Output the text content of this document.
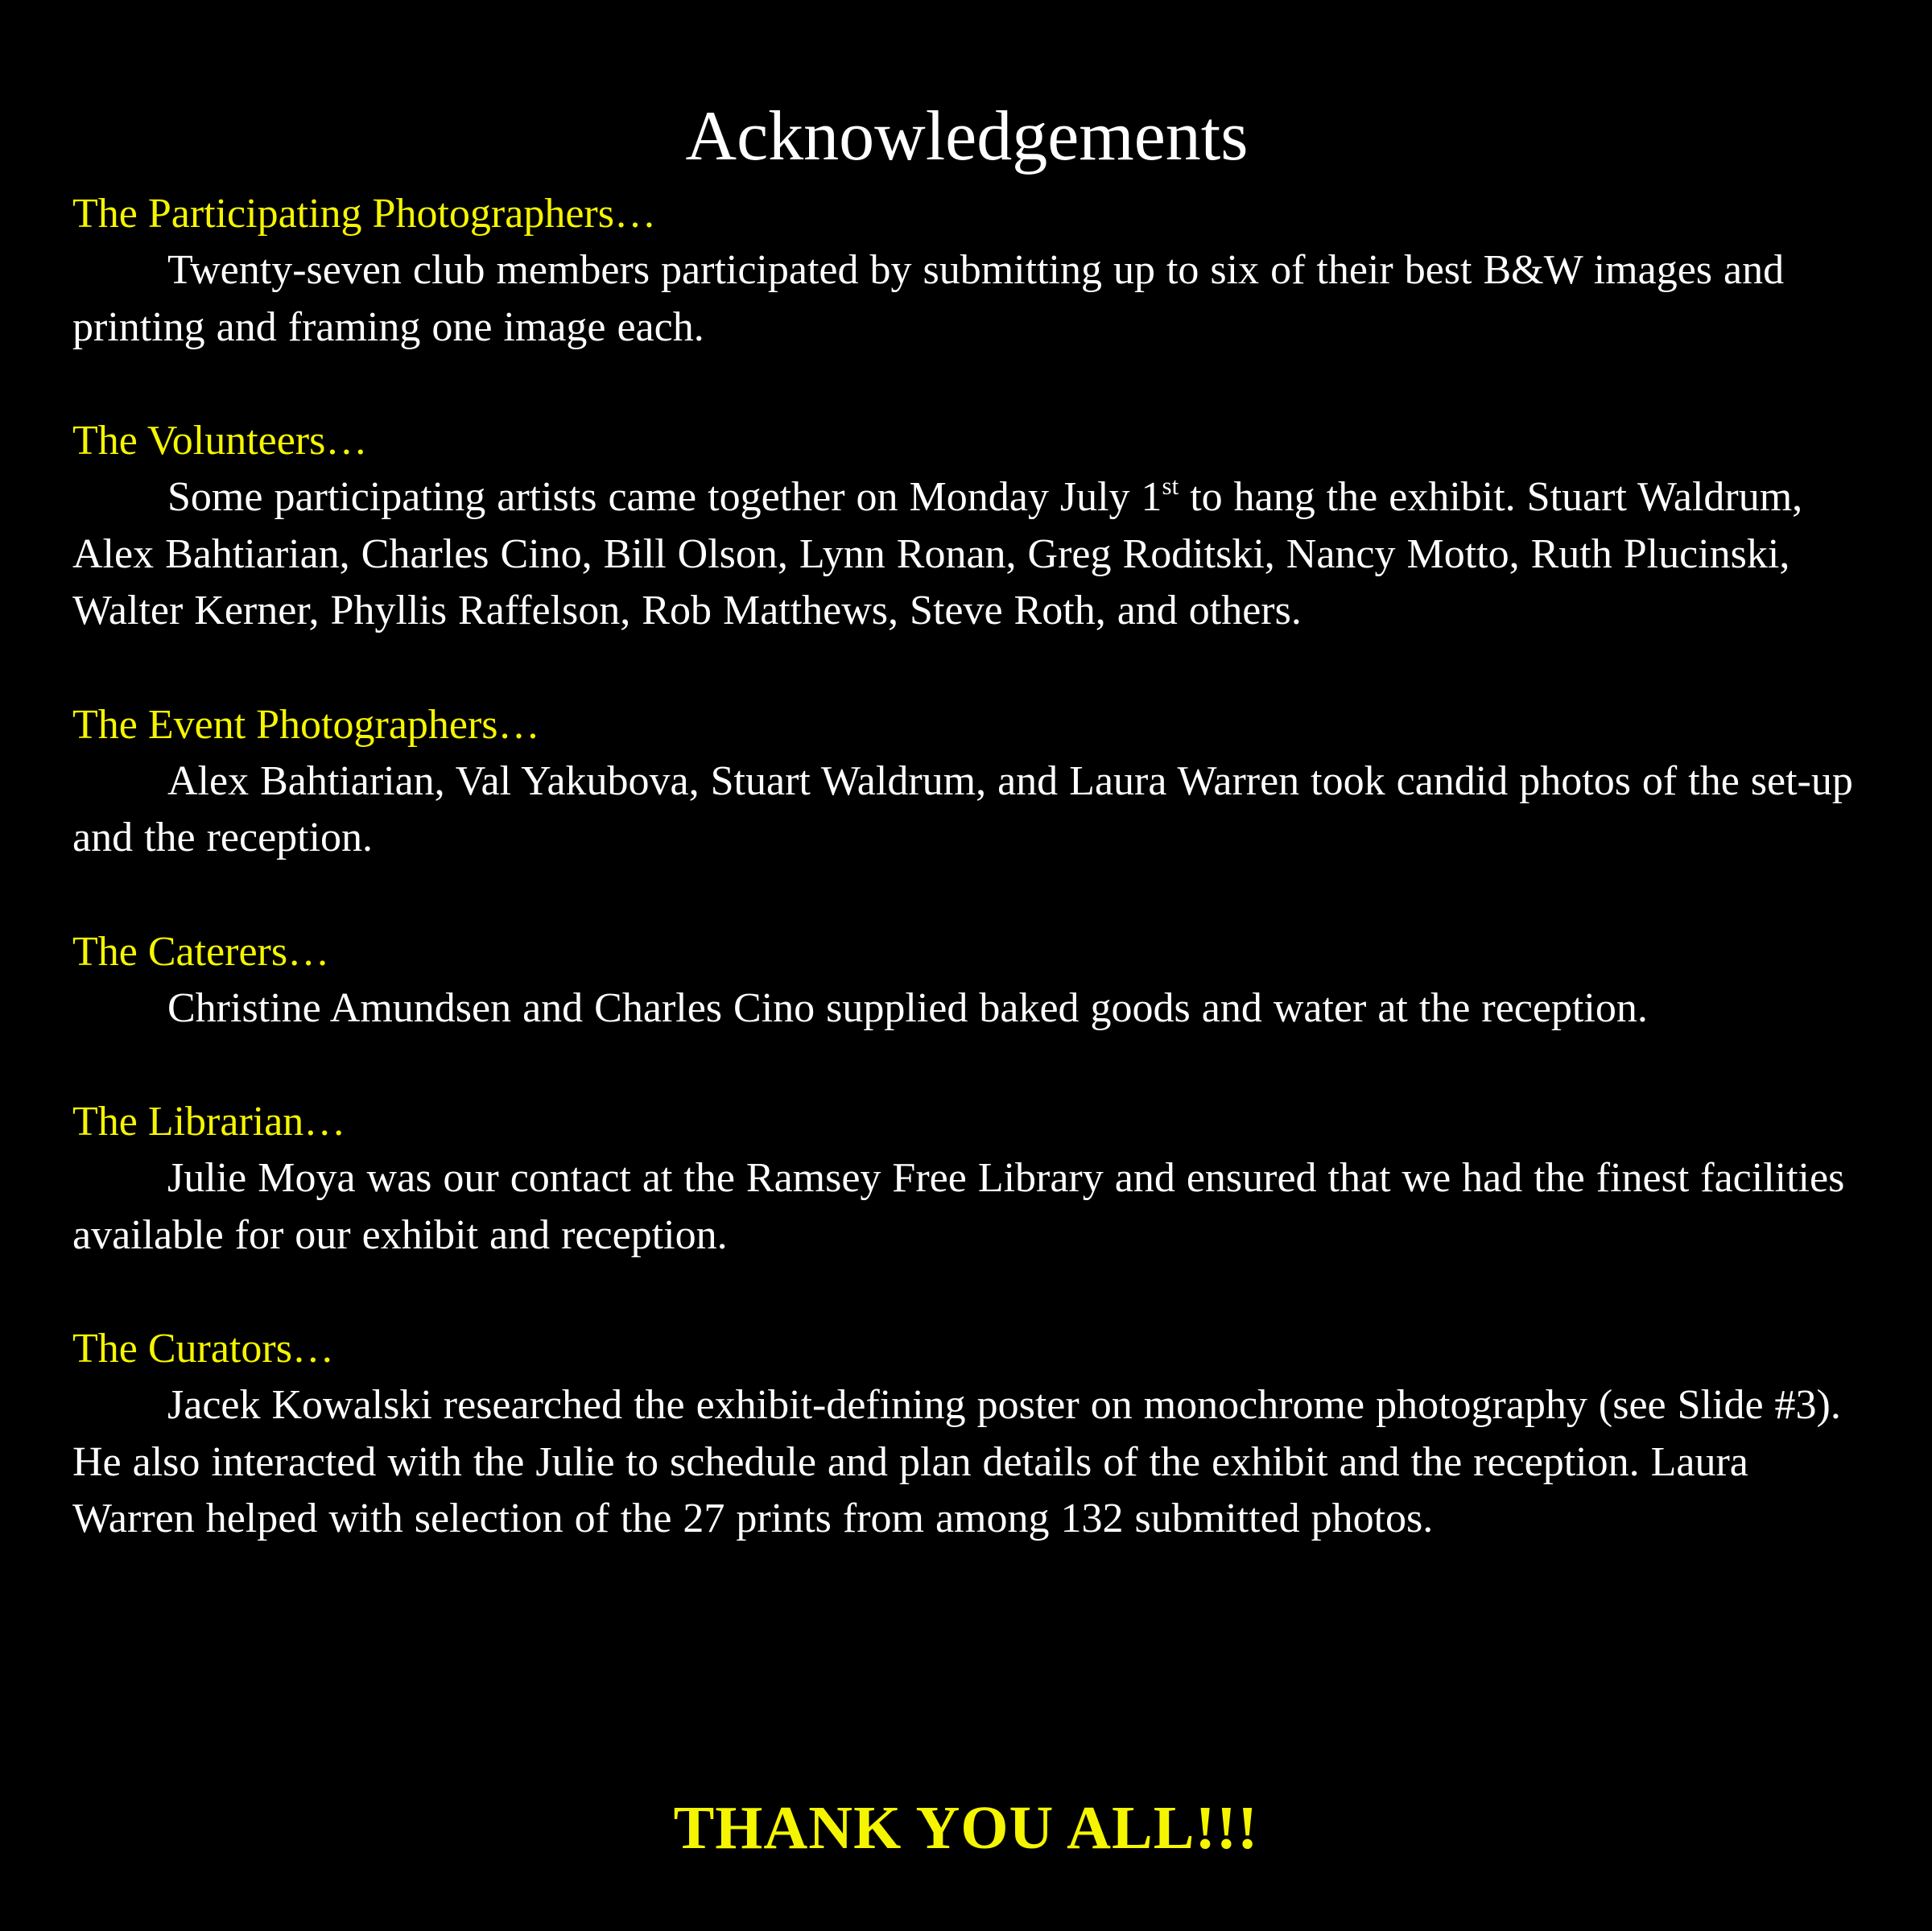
Acknowledgements

The Participating Photographers…

Twenty-seven club members participated by submitting up to six of their best B&W images and printing and framing one image each.

The Volunteers…

Some participating artists came together on Monday July 1st to hang the exhibit. Stuart Waldrum, Alex Bahtiarian, Charles Cino, Bill Olson, Lynn Ronan, Greg Roditski, Nancy Motto, Ruth Plucinski, Walter Kerner, Phyllis Raffelson, Rob Matthews, Steve Roth, and others.

The Event Photographers…

Alex Bahtiarian, Val Yakubova, Stuart Waldrum, and Laura Warren took candid photos of the set-up and the reception.

The Caterers…

Christine Amundsen and Charles Cino supplied baked goods and water at the reception.

The Librarian…

Julie Moya was our contact at the Ramsey Free Library and ensured that we had the finest facilities available for our exhibit and reception.

The Curators…

Jacek Kowalski researched the exhibit-defining poster on monochrome photography (see Slide #3). He also interacted with the Julie to schedule and plan details of the exhibit and the reception. Laura Warren helped with selection of the 27 prints from among 132 submitted photos.

THANK YOU ALL!!!
